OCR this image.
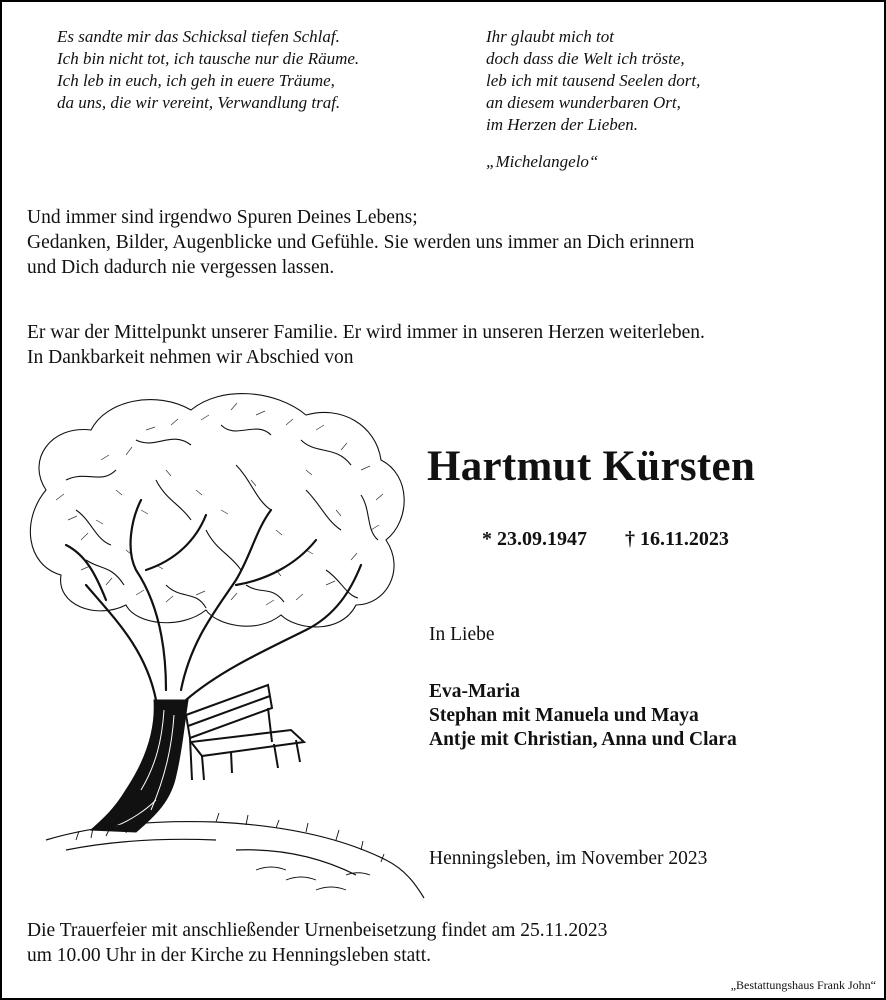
Es sandte mir das Schicksal tiefen Schlaf.
Ich bin nicht tot, ich tausche nur die Räume.
Ich leb in euch, ich geh in euere Träume,
da uns, die wir vereint, Verwandlung traf.
Ihr glaubt mich tot
doch dass die Welt ich tröste,
leb ich mit tausend Seelen dort,
an diesem wunderbaren Ort,
im Herzen der Lieben.
„Michelangelo“
Und immer sind irgendwo Spuren Deines Lebens;
Gedanken, Bilder, Augenblicke und Gefühle. Sie werden uns immer an Dich erinnern
und Dich dadurch nie vergessen lassen.
Er war der Mittelpunkt unserer Familie. Er wird immer in unseren Herzen weiterleben.
In Dankbarkeit nehmen wir Abschied von
Hartmut Kürsten
* 23.09.1947 † 16.11.2023
In Liebe
Eva-Maria
Stephan mit Manuela und Maya
Antje mit Christian, Anna und Clara
Henningsleben, im November 2023
Die Trauerfeier mit anschließender Urnenbeisetzung findet am 25.11.2023
um 10.00 Uhr in der Kirche zu Henningsleben statt.
„Bestattungshaus Frank John“
